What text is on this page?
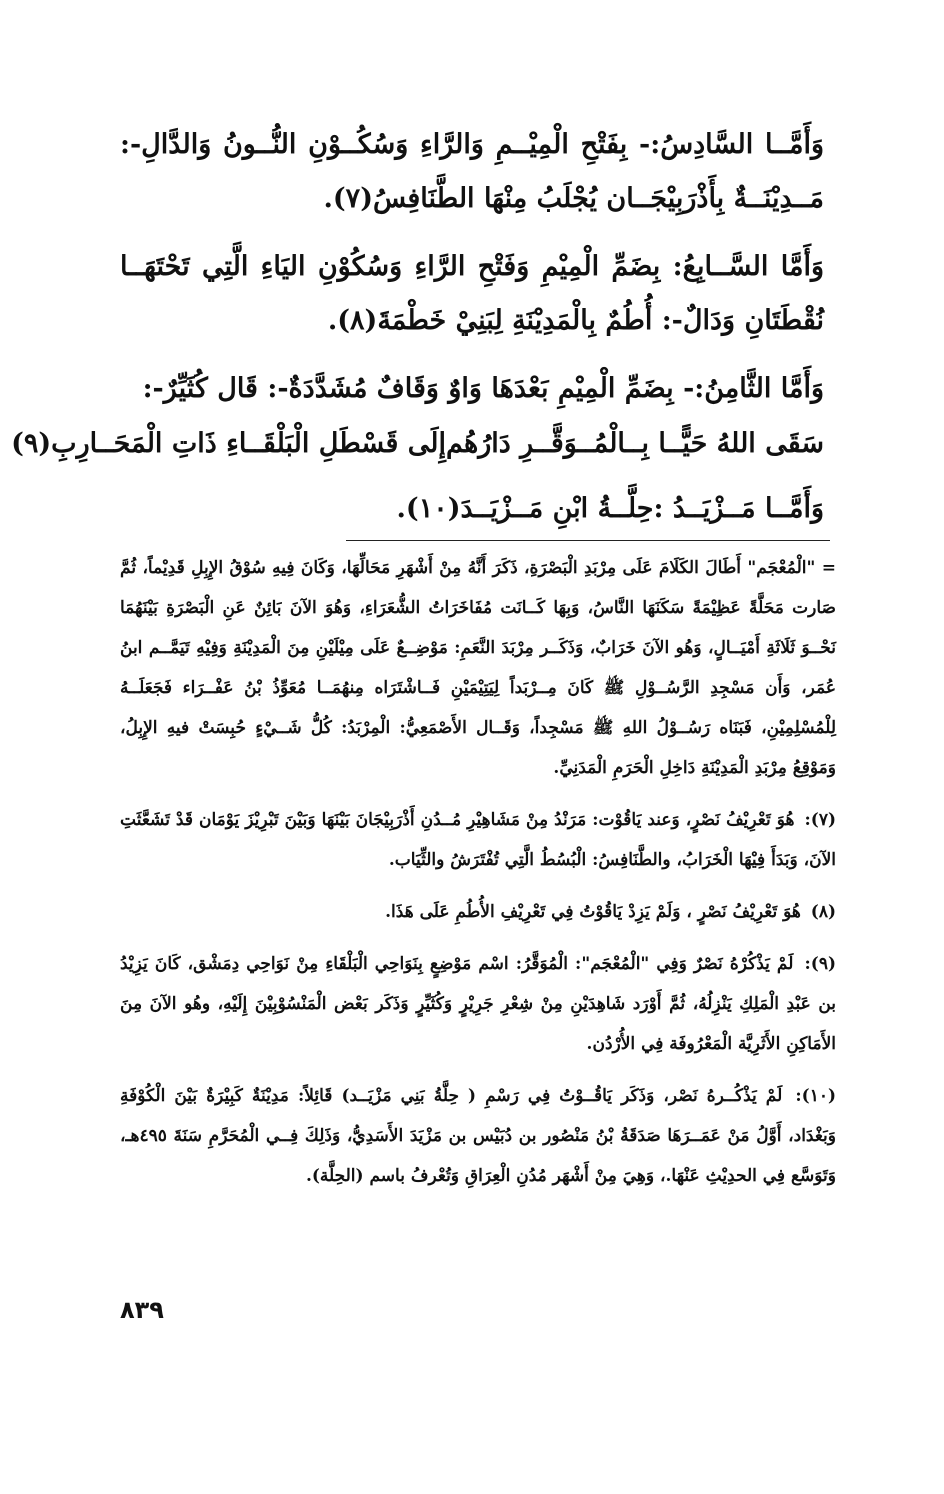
وَأَمَّــا السَّادِسُ:- بِفَتْحِ الْمِيْــمِ وَالرَّاءِ وَسُكُــوْنِ النُّــونُ وَالدَّالِ-: مَــدِيْنَــةٌ بِأَذْرَبِيْجَــان يُجْلَبُ مِنْهَا الطَّنَافِسُ(٧).

وَأَمَّا السَّــابِعُ: بِضَمِّ الْمِيْمِ وَفَتْحِ الرَّاءِ وَسُكُوْنِ اليَاءِ الَّتِي تَحْتَهَــا نُقْطَتَانِ وَدَالٌ-: أُطُمٌ بِالْمَدِيْنَةِ لِبَنِيْ خَطْمَةَ(٨).

وَأَمَّا الثَّامِنُ:- بِضَمِّ الْمِيْمِ بَعْدَهَا وَاوٌ وَقَافٌ مُشَدَّدَةٌ-: قَال كُثَيِّرٌ-:

سَقَى اللهُ حَيًّــا بِــالْمُــوَقَّــرِ دَارُهُم
إِلَى قَسْطَلِ الْبَلْقَــاءِ ذَاتِ الْمَحَــارِبِ(٩)

وَأَمَّــا مَــزْيَــدُ :حِلَّــةُ ابْنِ مَــزْيَــدَ(١٠).

= "الْمُعْجَم" أَطَالَ الكَلَامَ عَلَى مِرْبَدِ الْبَصْرَةِ، ذَكَرَ أَنَّهُ مِنْ أَشْهَرِ مَحَالِّهَا، وَكَانَ فِيهِ سُوْقُ الإِبِلِ قَدِيْماً، ثُمَّ صَارت مَحَلَّةً عَظِيْمَةً سَكَنَهَا النَّاسُ، وَبِهَا كَــانَت مُفَاخَرَاتُ الشُّعَرَاءِ، وَهُوَ الآنَ بَائِنٌ عَنِ الْبَصْرَةِ بَيْنَهُمَا نَحْــوَ ثَلَاثَةِ أَمْيَــالٍ، وَهُو الآنَ خَرَابٌ، وَذَكَــر مِرْبَدَ النَّعَمِ: مَوْضِــعٌ عَلَى مِيْلَيْنِ مِنَ الْمَدِيْنَةِ وَفِيْهِ تَيَمَّــم ابنُ عُمَر، وَأَن مَسْجِدِ الرَّسُــوْلِ ﷺ كَانَ مِــرْبَداً لِيَتِيْمَيْنِ فَــاشْتَرَاه مِنهُمَــا مُعَوِّذُ بْنُ عَفْــرَاء فَجَعَلَــهُ لِلْمُسْلِمِيْنِ، فَبَنَاه رَسُــوْلُ اللهِ ﷺ مَسْجِداً، وَقَــال الأَصْمَعِيُّ: الْمِرْبَدُ: كُلُّ شَــيْءٍ حُبِسَتْ فيهِ الإِبِلُ، وَمَوْقِعُ مِرْبَدِ الْمَدِيْنَةِ دَاخِلِ الْحَرَمِ الْمَدَنِيِّ.

(٧): هُوَ تَعْرِيْفُ نَصْرٍ، وَعند يَاقُوْت: مَرَنْدُ مِنْ مَشَاهِيْرِ مُــدُنِ أَذْرَبِيْجَانَ بَيْنَهَا وَبَيْنَ تَبْرِيْزَ يَوْمَان قَدْ تَشَعَّثَتِ الآنَ، وَبَدَأَ فِيْهَا الْخَرَابُ، والطَّنَافِسُ: الْبُسُطُ الَّتِي تُفْتَرَشُ والثِّيَاب.

(٨) هُوَ تَعْرِيْفُ نَصْرٍ ، وَلَمْ يَزِدْ يَاقُوْتُ فِي تَعْرِيْفِ الأُطُمِ عَلَى هَذَا.

(٩): لَمْ يَذْكُرْهُ نَصْرٌ وَفِي "الْمُعْجَم": الْمُوَقَّرُ: اسْم مَوْضِعٍ بِنَوَاحِي الْبَلْقَاءِ مِنْ نَوَاحِي دِمَشْق، كَانَ يَزِيْدُ بن عَبْدِ الْمَلِكِ يَنْزِلُهُ، ثُمَّ أَوْرَد شَاهِدَيْنِ مِنْ شِعْرِ جَرِيْرٍ وَكُثَيِّرٍ وَذَكَر بَعْض الْمَنْسُوْبِيْنَ إِلَيْهِ، وهُو الآنَ مِنَ الأَمَاكِنِ الأَثَرِيَّة الْمَعْرُوفَة فِي الأُرْدُن.

(١٠): لَمْ يَذْكُــرهُ نَصْر، وَذَكَر يَاقُــوْتُ فِي رَسْمِ ( حِلَّةُ بَنِي مَزْيَــد) قَائِلاً: مَدِيْنَةٌ كَبِيْرَةٌ بَيْنَ الْكُوْفَةِ وَبَغْدَاد، أَوَّلُ مَنْ عَمَــرَهَا صَدَقَةُ بْنُ مَنْصُور بن دُبَيْس بن مَزْيَدَ الأَسَدِيُّ، وَذَلِكَ فِــي الْمُحَرَّمِ سَنَةَ ٤٩٥هـ، وَتَوَسَّع فِي الحدِيْثِ عَنْهَا.، وَهِيَ مِنْ أَشْهَر مُدُنِ الْعِرَاقِ وَتُعْرفُ باسم (الحِلَّة).

٨٣٩
